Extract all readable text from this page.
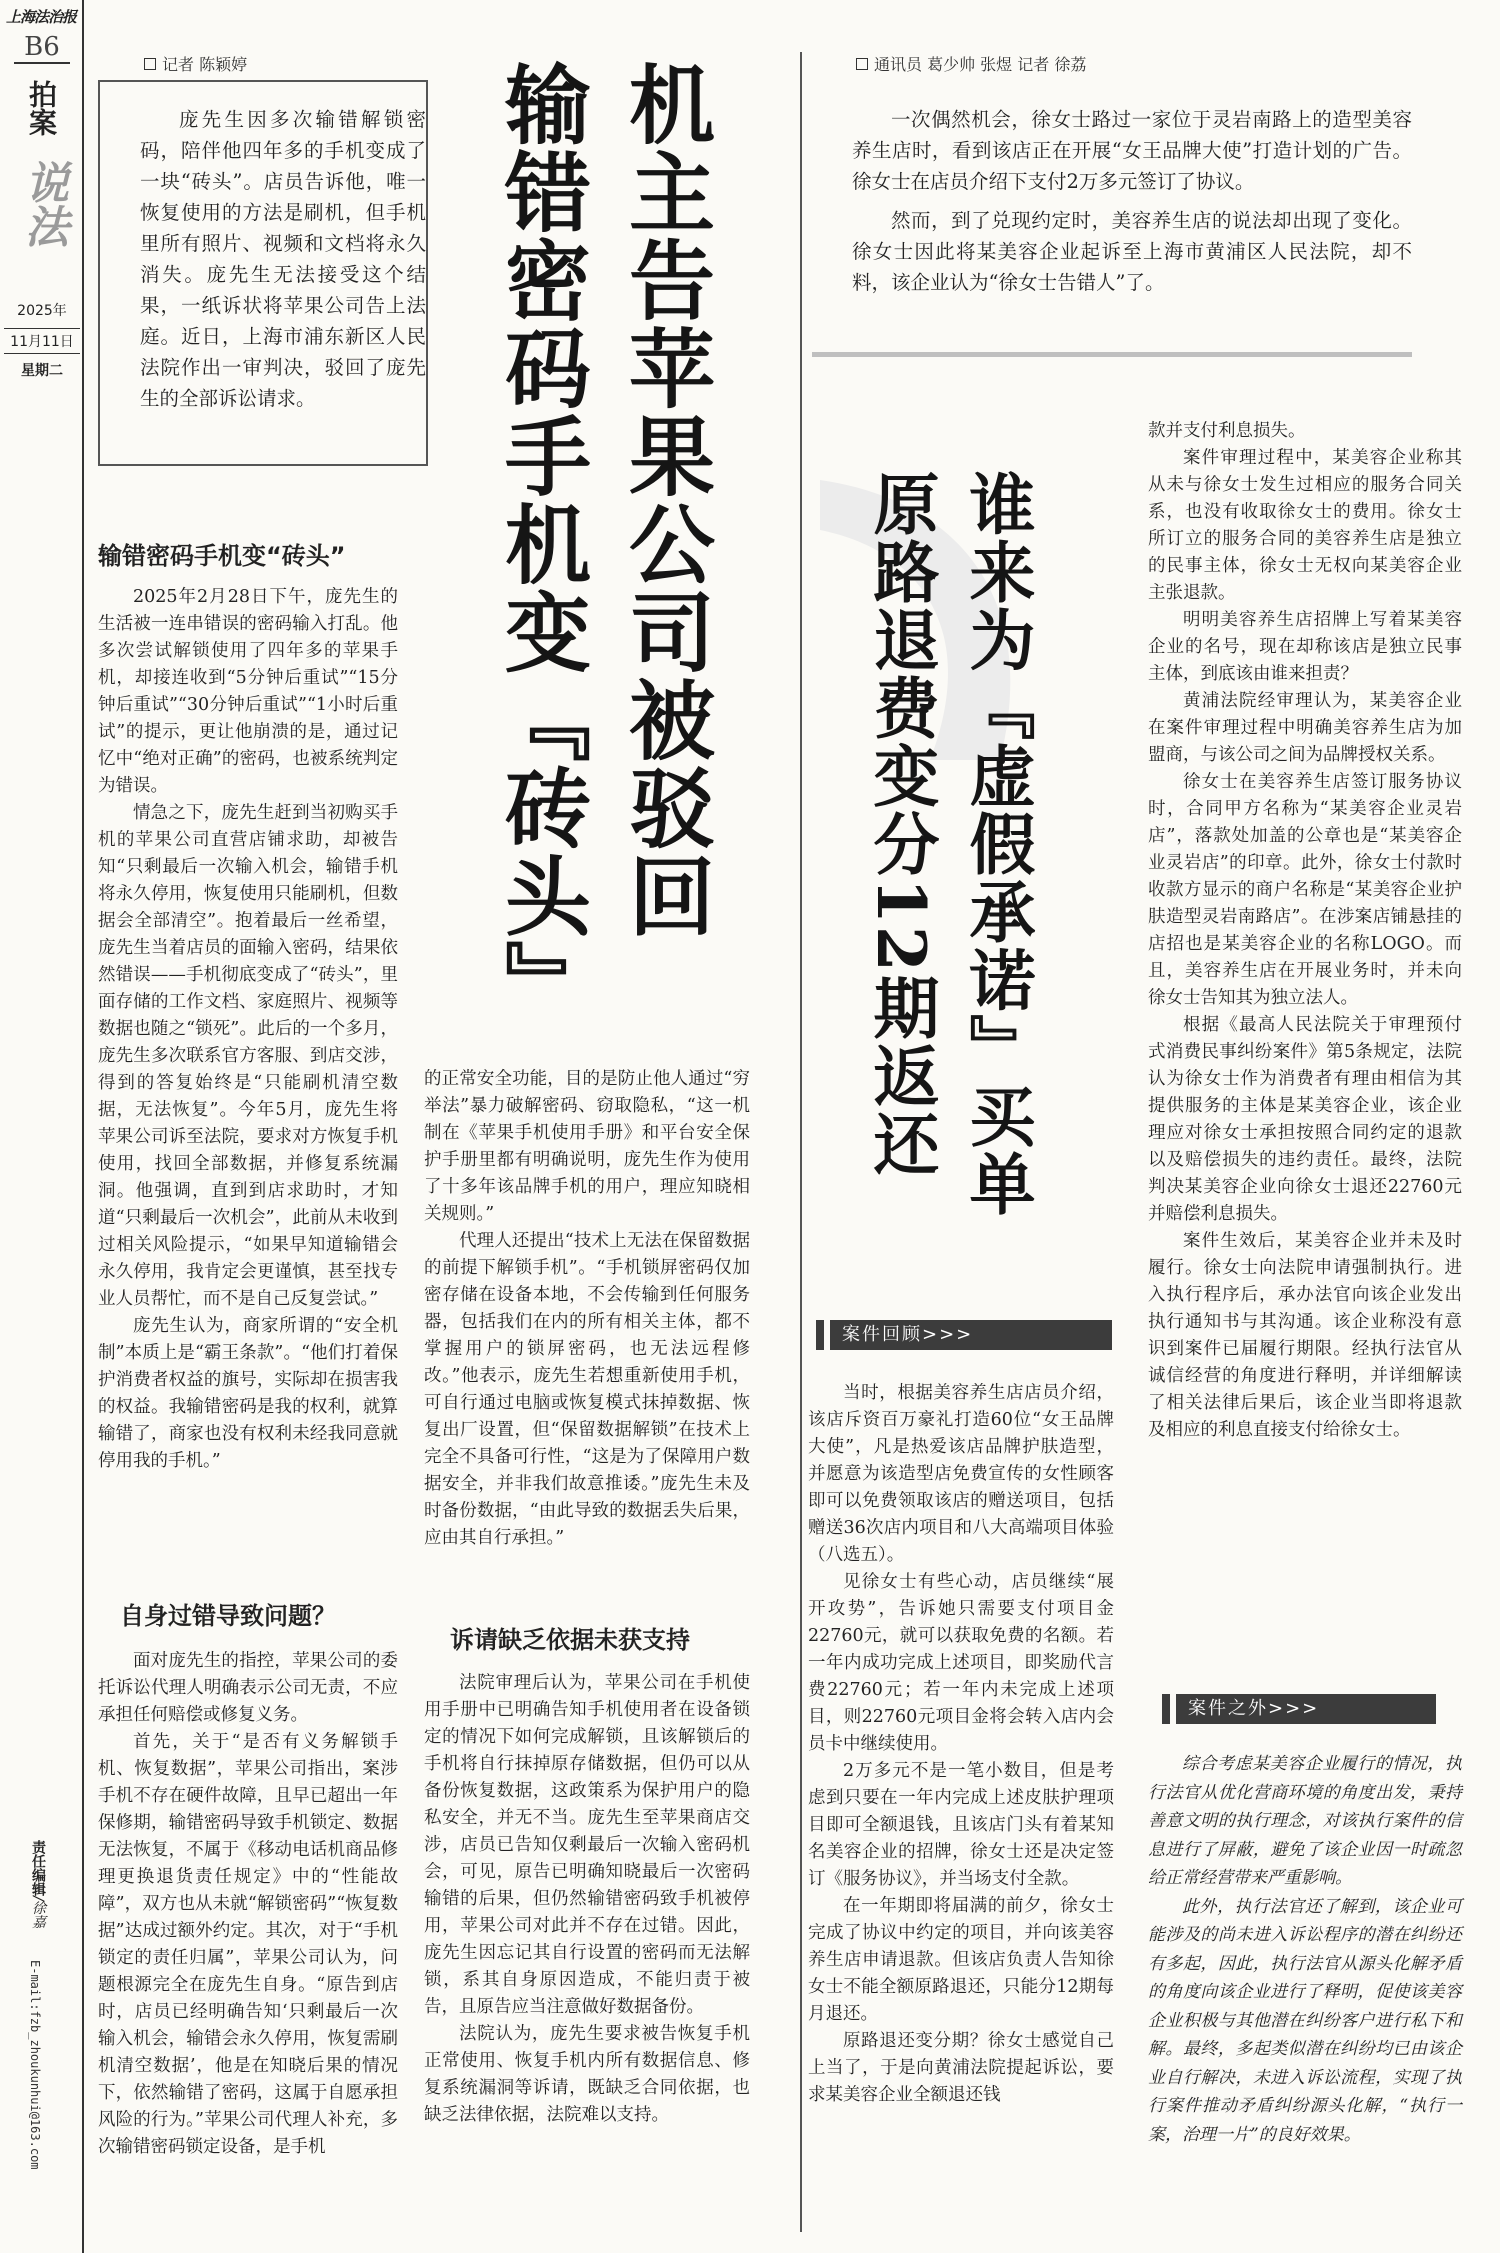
上海法治报
B6
拍案
说法
2025年
11月11日
星期二
责任编辑/徐嘉
E-mail:fzb_zhoukunhui@163.com
记者 陈颖婷

庞先生因多次输错解锁密码，陪伴他四年多的手机变成了一块“砖头”。店员告诉他，唯一恢复使用的方法是刷机，但手机里所有照片、视频和文档将永久消失。庞先生无法接受这个结果，一纸诉状将苹果公司告上法庭。近日，上海市浦东新区人民法院作出一审判决，驳回了庞先生的全部诉讼请求。	机主告苹果公司被驳回
输错密码手机变『砖头』
输错密码手机变“砖头”

2025年2月28日下午，庞先生的生活被一连串错误的密码输入打乱。他多次尝试解锁使用了四年多的苹果手机，却接连收到“5分钟后重试”“15分钟后重试”“30分钟后重试”“1小时后重试”的提示，更让他崩溃的是，通过记忆中“绝对正确”的密码，也被系统判定为错误。

情急之下，庞先生赶到当初购买手机的苹果公司直营店铺求助，却被告知“只剩最后一次输入机会，输错手机将永久停用，恢复使用只能刷机，但数据会全部清空”。抱着最后一丝希望，庞先生当着店员的面输入密码，结果依然错误——手机彻底变成了“砖头”，里面存储的工作文档、家庭照片、视频等数据也随之“锁死”。此后的一个多月，庞先生多次联系官方客服、到店交涉，得到的答复始终是“只能刷机清空数据，无法恢复”。今年5月，庞先生将苹果公司诉至法院，要求对方恢复手机使用，找回全部数据，并修复系统漏洞。他强调，直到到店求助时，才知道“只剩最后一次机会”，此前从未收到过相关风险提示，“如果早知道输错会永久停用，我肯定会更谨慎，甚至找专业人员帮忙，而不是自己反复尝试。”

庞先生认为，商家所谓的“安全机制”本质上是“霸王条款”。“他们打着保护消费者权益的旗号，实际却在损害我的权益。我输错密码是我的权利，就算输错了，商家也没有权利未经我同意就停用我的手机。”

自身过错导致问题？

面对庞先生的指控，苹果公司的委托诉讼代理人明确表示公司无责，不应承担任何赔偿或修复义务。

首先，关于“是否有义务解锁手机、恢复数据”，苹果公司指出，案涉手机不存在硬件故障，且早已超出一年保修期，输错密码导致手机锁定、数据无法恢复，不属于《移动电话机商品修理更换退货责任规定》中的“性能故障”，双方也从未就“解锁密码”“恢复数据”达成过额外约定。其次，对于“手机锁定的责任归属”，苹果公司认为，问题根源完全在庞先生自身。“原告到店时，店员已经明确告知‘只剩最后一次输入机会，输错会永久停用，恢复需刷机清空数据’，他是在知晓后果的情况下，依然输错了密码，这属于自愿承担风险的行为。”苹果公司代理人补充，多次输错密码锁定设备，是手机

的正常安全功能，目的是防止他人通过“穷举法”暴力破解密码、窃取隐私，“这一机制在《苹果手机使用手册》和平台安全保护手册里都有明确说明，庞先生作为使用了十多年该品牌手机的用户，理应知晓相关规则。”

代理人还提出“技术上无法在保留数据的前提下解锁手机”。“手机锁屏密码仅加密存储在设备本地，不会传输到任何服务器，包括我们在内的所有相关主体，都不掌握用户的锁屏密码，也无法远程修改。”他表示，庞先生若想重新使用手机，可自行通过电脑或恢复模式抹掉数据、恢复出厂设置，但“保留数据解锁”在技术上完全不具备可行性，“这是为了保障用户数据安全，并非我们故意推诿。”庞先生未及时备份数据，“由此导致的数据丢失后果，应由其自行承担。”

诉请缺乏依据未获支持

法院审理后认为，苹果公司在手机使用手册中已明确告知手机使用者在设备锁定的情况下如何完成解锁，且该解锁后的手机将自行抹掉原存储数据，但仍可以从备份恢复数据，这政策系为保护用户的隐私安全，并无不当。庞先生至苹果商店交涉，店员已告知仅剩最后一次输入密码机会，可见，原告已明确知晓最后一次密码输错的后果，但仍然输错密码致手机被停用，苹果公司对此并不存在过错。因此，庞先生因忘记其自行设置的密码而无法解锁，系其自身原因造成，不能归责于被告，且原告应当注意做好数据备份。

法院认为，庞先生要求被告恢复手机正常使用、恢复手机内所有数据信息、修复系统漏洞等诉请，既缺乏合同依据，也缺乏法律依据，法院难以支持。

通讯员 葛少帅 张煜 记者 徐荔

一次偶然机会，徐女士路过一家位于灵岩南路上的造型美容养生店时，看到该店正在开展“女王品牌大使”打造计划的广告。徐女士在店员介绍下支付2万多元签订了协议。

然而，到了兑现约定时，美容养生店的说法却出现了变化。徐女士因此将某美容企业起诉至上海市黄浦区人民法院，却不料，该企业认为“徐女士告错人”了。

谁来为『虚假承诺』买单
原路退费变分12期返还
案件回顾>>>

当时，根据美容养生店店员介绍，该店斥资百万豪礼打造60位“女王品牌大使”，凡是热爱该店品牌护肤造型，并愿意为该造型店免费宣传的女性顾客即可以免费领取该店的赠送项目，包括赠送36次店内项目和八大高端项目体验（八选五）。

见徐女士有些心动，店员继续“展开攻势”，告诉她只需要支付项目金22760元，就可以获取免费的名额。若一年内成功完成上述项目，即奖励代言费22760元；若一年内未完成上述项目，则22760元项目金将会转入店内会员卡中继续使用。

2万多元不是一笔小数目，但是考虑到只要在一年内完成上述皮肤护理项目即可全额退钱，且该店门头有着某知名美容企业的招牌，徐女士还是决定签订《服务协议》，并当场支付全款。

在一年期即将届满的前夕，徐女士完成了协议中约定的项目，并向该美容养生店申请退款。但该店负责人告知徐女士不能全额原路退还，只能分12期每月退还。

原路退还变分期？徐女士感觉自己上当了，于是向黄浦法院提起诉讼，要求某美容企业全额退还钱

款并支付利息损失。

案件审理过程中，某美容企业称其从未与徐女士发生过相应的服务合同关系，也没有收取徐女士的费用。徐女士所订立的服务合同的美容养生店是独立的民事主体，徐女士无权向某美容企业主张退款。

明明美容养生店招牌上写着某美容企业的名号，现在却称该店是独立民事主体，到底该由谁来担责？

黄浦法院经审理认为，某美容企业在案件审理过程中明确美容养生店为加盟商，与该公司之间为品牌授权关系。

徐女士在美容养生店签订服务协议时，合同甲方名称为“某美容企业灵岩店”，落款处加盖的公章也是“某美容企业灵岩店”的印章。此外，徐女士付款时收款方显示的商户名称是“某美容企业护肤造型灵岩南路店”。在涉案店铺悬挂的店招也是某美容企业的名称LOGO。而且，美容养生店在开展业务时，并未向徐女士告知其为独立法人。

根据《最高人民法院关于审理预付式消费民事纠纷案件》第5条规定，法院认为徐女士作为消费者有理由相信为其提供服务的主体是某美容企业，该企业理应对徐女士承担按照合同约定的退款以及赔偿损失的违约责任。最终，法院判决某美容企业向徐女士退还22760元并赔偿利息损失。

案件生效后，某美容企业并未及时履行。徐女士向法院申请强制执行。进入执行程序后，承办法官向该企业发出执行通知书与其沟通。该企业称没有意识到案件已届履行期限。经执行法官从诚信经营的角度进行释明，并详细解读了相关法律后果后，该企业当即将退款及相应的利息直接支付给徐女士。

案件之外>>>

综合考虑某美容企业履行的情况，执行法官从优化营商环境的角度出发，秉持善意文明的执行理念，对该执行案件的信息进行了屏蔽，避免了该企业因一时疏忽给正常经营带来严重影响。

此外，执行法官还了解到，该企业可能涉及的尚未进入诉讼程序的潜在纠纷还有多起，因此，执行法官从源头化解矛盾的角度向该企业进行了释明，促使该美容企业积极与其他潜在纠纷客户进行私下和解。最终，多起类似潜在纠纷均已由该企业自行解决，未进入诉讼流程，实现了执行案件推动矛盾纠纷源头化解，“执行一案，治理一片”的良好效果。
